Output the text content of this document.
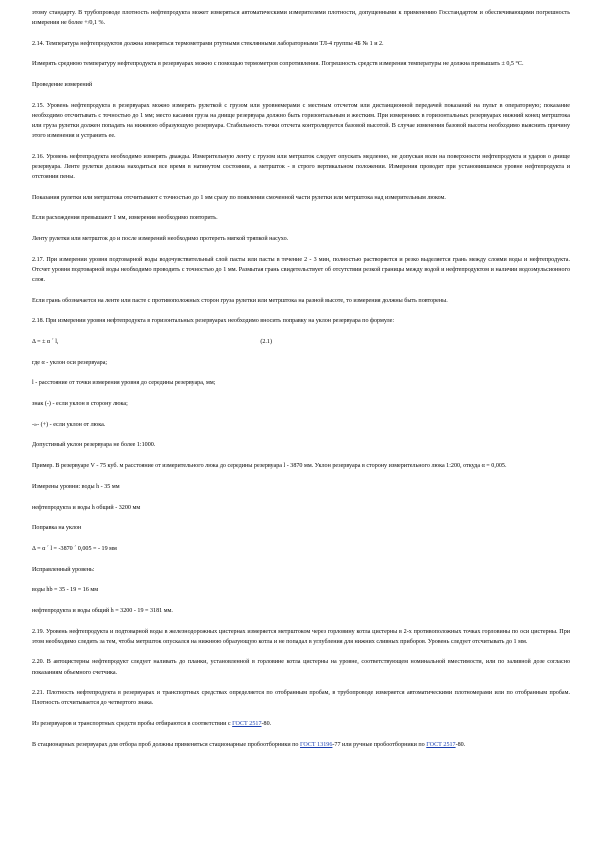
этому стандарту. В трубопроводе плотность нефтепродукта может измеряться автоматическими измерителями плотности, допущенными к применению Госстандартом и обеспечивающими погрешность измерения не более +/0,1 %.

2.14. Температура нефтепродуктов должна измеряться термометрами ртутными стеклянными лабораторными ТЛ-4 группы 4Б № 1 и 2.

Измерять среднюю температуру нефтепродукта в резервуарах можно с помощью термометров сопротивления. Погрешность средств измерения температуры не должна превышать ± 0,5 °С.

Проведение измерений

2.15. Уровень нефтепродукта в резервуарах можно измерять рулеткой с грузом или уровнемерами с местным отсчетом или дистанционной передачей показаний на пульт в операторную; показание необходимо отсчитывать с точностью до 1 мм; место касания груза на днище резервуара должно быть горизонтальным и жестким. При измерениях в горизонтальных резервуарах нижний конец метрштока или груза рулетки должен попадать на нижнюю образующую резервуара. Стабильность точки отсчета контролируется базовой высотой. В случае изменения базовой высоты необходимо выяснить причину этого изменения и устранить ее.

2.16. Уровень нефтепродукта необходимо измерять дважды. Измерительную ленту с грузом или метршток следует опускать медленно, не допуская волн на поверхности нефтепродукта и ударов о днище резервуара. Ленте рулетки должна находиться все время в натянутом состоянии, а метршток - в строго вертикальном положении. Измерения проводят при установившемся уровне нефтепродукта и отстоянии пены.

Показания рулетки или метрштока отсчитывают с точностью до 1 мм сразу по появлении смоченной части рулетки или метрштока над измерительным люком.

Если расхождения превышают 1 мм, измерения необходимо повторить.

Ленту рулетки или метршток до и после измерений необходимо протереть мягкой тряпкой насухо.

2.17. При измерении уровня подтоварной воды водочувствительный слой пасты или пасты в течение 2 - 3 мин, полностью растворяется и резко выделяется грань между слоями воды и нефтепродукта. Отсчет уровня подтоварной воды необходимо проводить с точностью до 1 мм. Размытая грань свидетельствует об отсутствии резкой границы между водой и нефтепродуктом и наличии водоэмульсионного слоя.

Если грань обозначается на ленте или пасте с противоположных сторон груза рулетки или метрштока на разной высоте, то измерения должны быть повторены.

2.18. При измерении уровня нефтепродукта в горизонтальных резервуарах необходимо вносить поправку на уклон резервуара по формуле:

Δ = ± α ´ l,	(2.1)

где α - уклон оси резервуара;

l - расстояние от точки измерения уровня до середины резервуара, мм;

знак (-) - если уклон в сторону люка;

-»- (+) - если уклон от люка.

Допустимый уклон резервуара не более 1:1000.

Пример. В резервуаре V - 75 куб. м расстояние от измерительного люка до середины резервуара l - 3870 мм. Уклон резервуара в сторону измерительного люка 1:200, откуда α = 0,005.

Измерены уровни: воды h - 35 мм

нефтепродукта и воды h общий - 3200 мм

Поправка на уклон

Δ = α ´ l = -3870 ´ 0,005 = - 19 мм

Исправленный уровень:

воды hb = 35 - 19 = 16 мм

нефтепродукта и воды общий h = 3200 - 19 = 3181 мм.

2.19. Уровень нефтепродукта и подтоварной воды в железнодорожных цистернах измеряется метрштоком через горловину котла цистерны в 2-х противоположных точках горловины по оси цистерны. При этом необходимо следить за тем, чтобы метршток опускался на нижнюю образующую котла и не попадал в углубления для нижних сливных приборов. Уровень следует отсчитывать до 1 мм.

2.20. В автоцистерны нефтепродукт следует наливать до планки, установленной в горловине котла цистерны на уровне, соответствующем номинальной вместимости, или по заливной дозе согласно показаниям объемного счетчика.

2.21. Плотность нефтепродукта в резервуарах и транспортных средствах определяется по отобранным пробам, в трубопроводе измеряется автоматическими плотномерами или по отобранным пробам. Плотность отсчитывается до четвертого знака.

Из резервуаров и транспортных средств пробы отбираются в соответствии с ГОСТ 2517-80.

В стационарных резервуарах для отбора проб должны применяться стационарные пробоотборники по ГОСТ 13196-77 или ручные пробоотборники по ГОСТ 2517-80.
